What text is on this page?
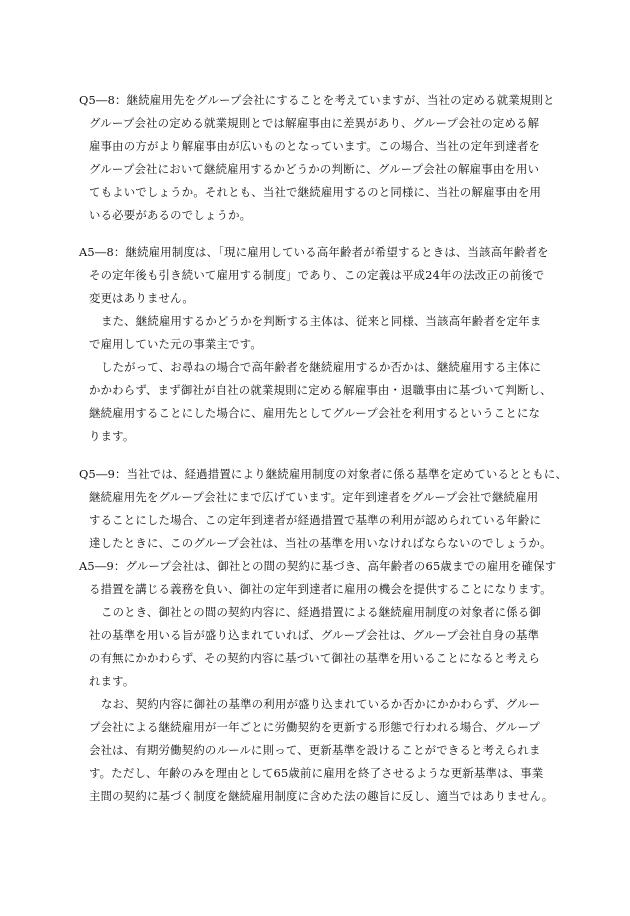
Q5―8：継続雇用先をグループ会社にすることを考えていますが、当社の定める就業規則と
グループ会社の定める就業規則とでは解雇事由に差異があり、グループ会社の定める解
雇事由の方がより解雇事由が広いものとなっています。この場合、当社の定年到達者を
グループ会社において継続雇用するかどうかの判断に、グループ会社の解雇事由を用い
てもよいでしょうか。それとも、当社で継続雇用するのと同様に、当社の解雇事由を用
いる必要があるのでしょうか。
A5―8：継続雇用制度は、「現に雇用している高年齢者が希望するときは、当該高年齢者を
その定年後も引き続いて雇用する制度」であり、この定義は平成24年の法改正の前後で
変更はありません。
また、継続雇用するかどうかを判断する主体は、従来と同様、当該高年齢者を定年ま
で雇用していた元の事業主です。
したがって、お尋ねの場合で高年齢者を継続雇用するか否かは、継続雇用する主体に
かかわらず、まず御社が自社の就業規則に定める解雇事由・退職事由に基づいて判断し、
継続雇用することにした場合に、雇用先としてグループ会社を利用するということにな
ります。
Q5―9：当社では、経過措置により継続雇用制度の対象者に係る基準を定めているとともに、
継続雇用先をグループ会社にまで広げています。定年到達者をグループ会社で継続雇用
することにした場合、この定年到達者が経過措置で基準の利用が認められている年齢に
達したときに、このグループ会社は、当社の基準を用いなければならないのでしょうか。
A5―9：グループ会社は、御社との間の契約に基づき、高年齢者の65歳までの雇用を確保す
る措置を講じる義務を負い、御社の定年到達者に雇用の機会を提供することになります。
このとき、御社との間の契約内容に、経過措置による継続雇用制度の対象者に係る御
社の基準を用いる旨が盛り込まれていれば、グループ会社は、グループ会社自身の基準
の有無にかかわらず、その契約内容に基づいて御社の基準を用いることになると考えら
れます。
なお、契約内容に御社の基準の利用が盛り込まれているか否かにかかわらず、グルー
プ会社による継続雇用が一年ごとに労働契約を更新する形態で行われる場合、グループ
会社は、有期労働契約のルールに則って、更新基準を設けることができると考えられま
す。ただし、年齢のみを理由として65歳前に雇用を終了させるような更新基準は、事業
主間の契約に基づく制度を継続雇用制度に含めた法の趣旨に反し、適当ではありません。
